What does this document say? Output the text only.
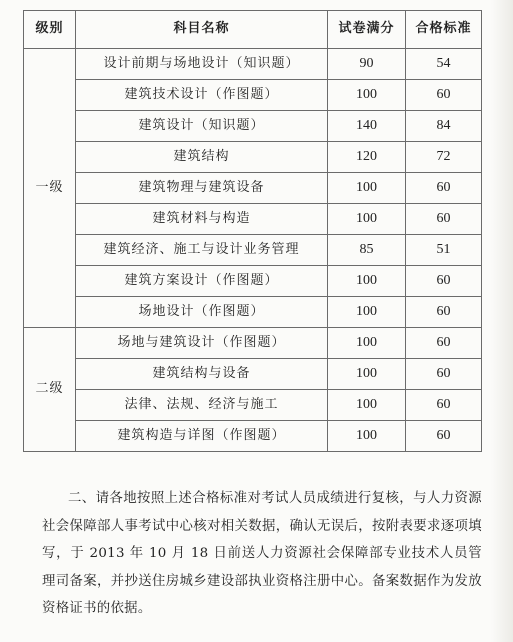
级别	科目名称	试卷满分	合格标准
一级	设计前期与场地设计（知识题）	90	54
	建筑技术设计（作图题）	100	60
	建筑设计（知识题）	140	84
	建筑结构	120	72
	建筑物理与建筑设备	100	60
	建筑材料与构造	100	60
	建筑经济、施工与设计业务管理	85	51
	建筑方案设计（作图题）	100	60
	场地设计（作图题）	100	60
二级	场地与建筑设计（作图题）	100	60
	建筑结构与设备	100	60
	法律、法规、经济与施工	100	60
	建筑构造与详图（作图题）	100	60

二、请各地按照上述合格标准对考试人员成绩进行复核，与人力资源社会保障部人事考试中心核对相关数据，确认无误后，按附表要求逐项填写，于 2013 年 10 月 18 日前送人力资源社会保障部专业技术人员管理司备案，并抄送住房城乡建设部执业资格注册中心。备案数据作为发放资格证书的依据。
